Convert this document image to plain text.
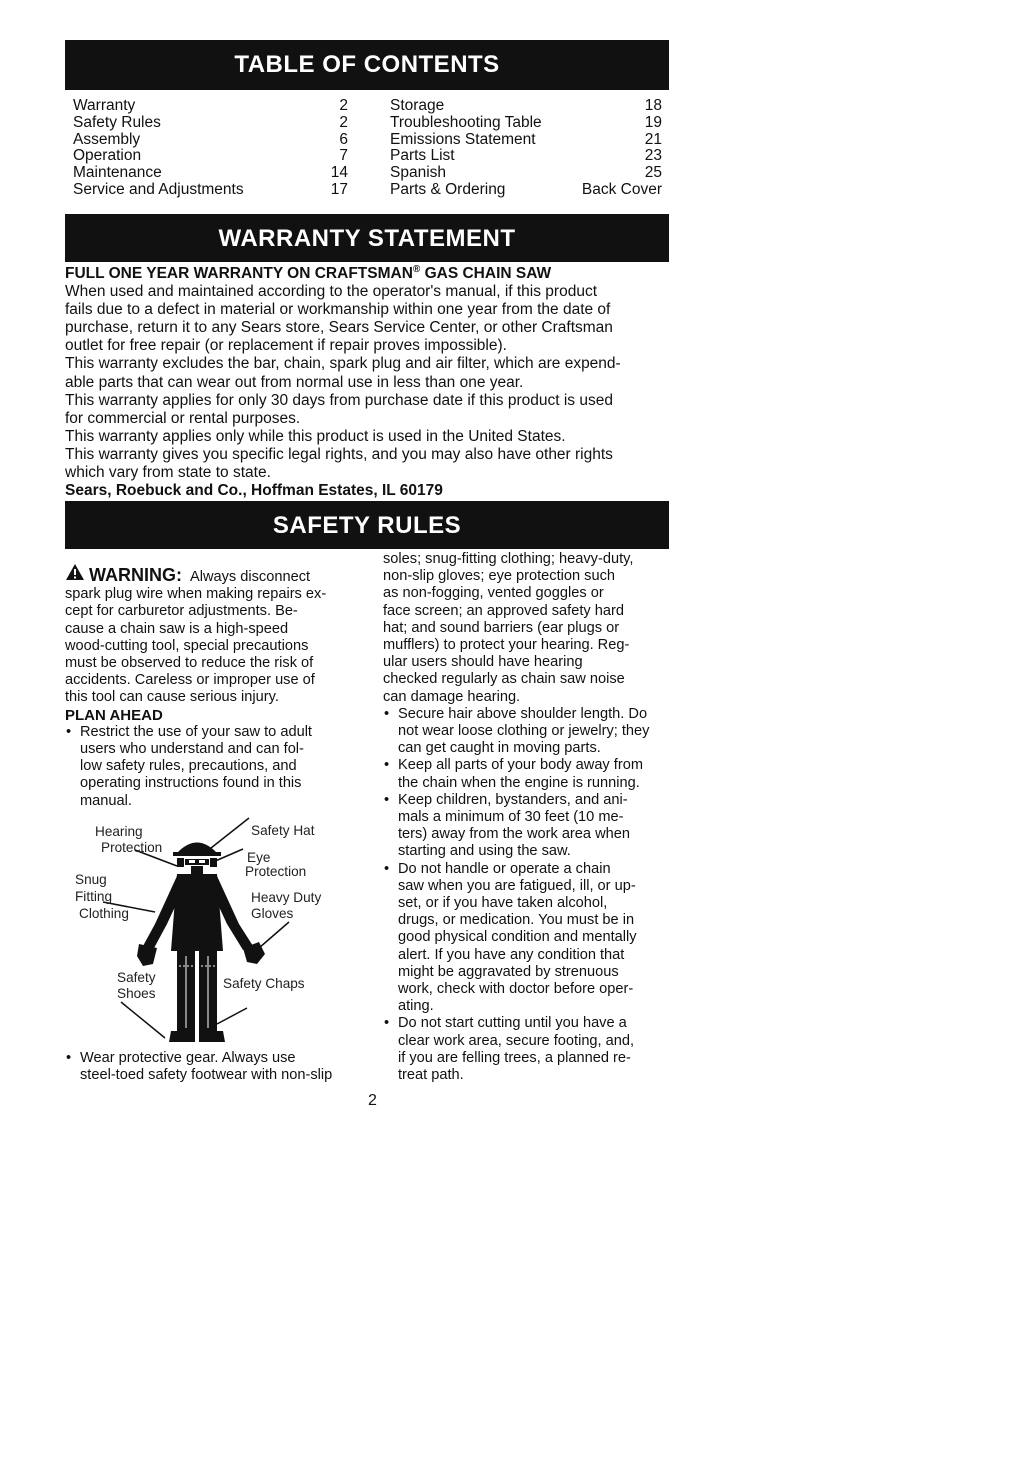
TABLE OF CONTENTS
Warranty	2
Safety Rules	2
Assembly	6
Operation	7
Maintenance	14
Service and Adjustments	17
Storage	18
Troubleshooting Table	19
Emissions Statement	21
Parts List	23
Spanish	25
Parts & Ordering	Back Cover
WARRANTY STATEMENT

FULL ONE YEAR WARRANTY ON CRAFTSMAN® GAS CHAIN SAW

When used and maintained according to the operator's manual, if this product

fails due to a defect in material or workmanship within one year from the date of

purchase, return it to any Sears store, Sears Service Center, or other Craftsman

outlet for free repair (or replacement if repair proves impossible).

This warranty excludes the bar, chain, spark plug and air filter, which are expend-

able parts that can wear out from normal use in less than one year.

This warranty applies for only 30 days from purchase date if this product is used

for commercial or rental purposes.

This warranty applies only while this product is used in the United States.

This warranty gives you specific legal rights, and you may also have other rights

which vary from state to state.

Sears, Roebuck and Co., Hoffman Estates, IL 60179

SAFETY RULES
WARNING: Always disconnect

spark plug wire when making repairs ex-

cept for carburetor adjustments. Be-

cause a chain saw is a high-speed

wood-cutting tool, special precautions

must be observed to reduce the risk of

accidents. Careless or improper use of

this tool can cause serious injury.

PLAN AHEAD

• Restrict the use of your saw to adult

users who understand and can fol-

low safety rules, precautions, and

operating instructions found in this

manual.

Hearing
Protection
Safety Hat
Eye
Protection
Snug
Fitting
Clothing
Heavy Duty
Gloves
Safety
Shoes
Safety Chaps
• Wear protective gear. Always use

steel-toed safety footwear with non-slip

soles; snug-fitting clothing; heavy-duty,

non-slip gloves; eye protection such

as non-fogging, vented goggles or

face screen; an approved safety hard

hat; and sound barriers (ear plugs or

mufflers) to protect your hearing. Reg-

ular users should have hearing

checked regularly as chain saw noise

can damage hearing.

• Secure hair above shoulder length. Do

not wear loose clothing or jewelry; they

can get caught in moving parts.

• Keep all parts of your body away from

the chain when the engine is running.

• Keep children, bystanders, and ani-

mals a minimum of 30 feet (10 me-

ters) away from the work area when

starting and using the saw.

• Do not handle or operate a chain

saw when you are fatigued, ill, or up-

set, or if you have taken alcohol,

drugs, or medication. You must be in

good physical condition and mentally

alert. If you have any condition that

might be aggravated by strenuous

work, check with doctor before oper-

ating.

• Do not start cutting until you have a

clear work area, secure footing, and,

if you are felling trees, a planned re-

treat path.

2
